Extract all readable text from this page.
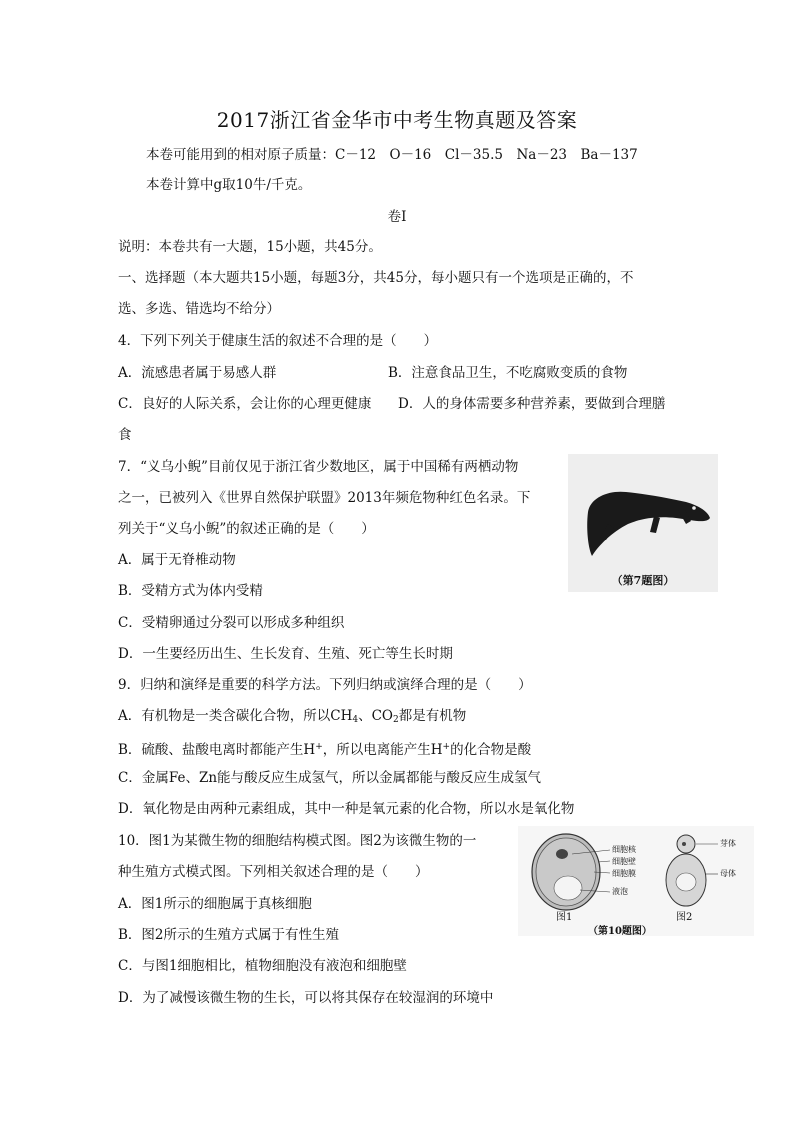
2017浙江省金华市中考生物真题及答案
本卷可能用到的相对原子质量：C－12　O－16　Cl－35.5　Na－23　Ba－137
本卷计算中g取10牛/千克。
卷Ⅰ
说明：本卷共有一大题，15小题，共45分。
一、选择题（本大题共15小题，每题3分，共45分，每小题只有一个选项是正确的，不
选、多选、错选均不给分）
4．下列下列关于健康生活的叙述不合理的是（　　）
A．流感患者属于易感人群	B．注意食品卫生，不吃腐败变质的食物
C．良好的人际关系，会让你的心理更健康 D．人的身体需要多种营养素，要做到合理膳
食
7．“义乌小鲵”目前仅见于浙江省少数地区，属于中国稀有两栖动物
之一，已被列入《世界自然保护联盟》2013年频危物种红色名录。下
列关于“义乌小鲵”的叙述正确的是（　　）
A．属于无脊椎动物
B．受精方式为体内受精
C．受精卵通过分裂可以形成多种组织
D．一生要经历出生、生长发育、生殖、死亡等生长时期
（第7题图）
9．归纳和演绎是重要的科学方法。下列归纳或演绎合理的是（　　）
A．有机物是一类含碳化合物，所以$CH_4$、$CO_2$都是有机物
B．硫酸、盐酸电离时都能产生H+，所以电离能产生H+的化合物是酸
C．金属Fe、Zn能与酸反应生成氢气，所以金属都能与酸反应生成氢气
D．氧化物是由两种元素组成，其中一种是氧元素的化合物，所以水是氧化物
10．图1为某微生物的细胞结构模式图。图2为该微生物的一
种生殖方式模式图。下列相关叙述合理的是（　　）
A．图1所示的细胞属于真核细胞
B．图2所示的生殖方式属于有性生殖
C．与图1细胞相比，植物细胞没有液泡和细胞壁
D．为了减慢该微生物的生长，可以将其保存在较湿润的环境中
细胞核
细胞壁
细胞膜
液泡
芽体
母体
图1	图2
（第10题图）
